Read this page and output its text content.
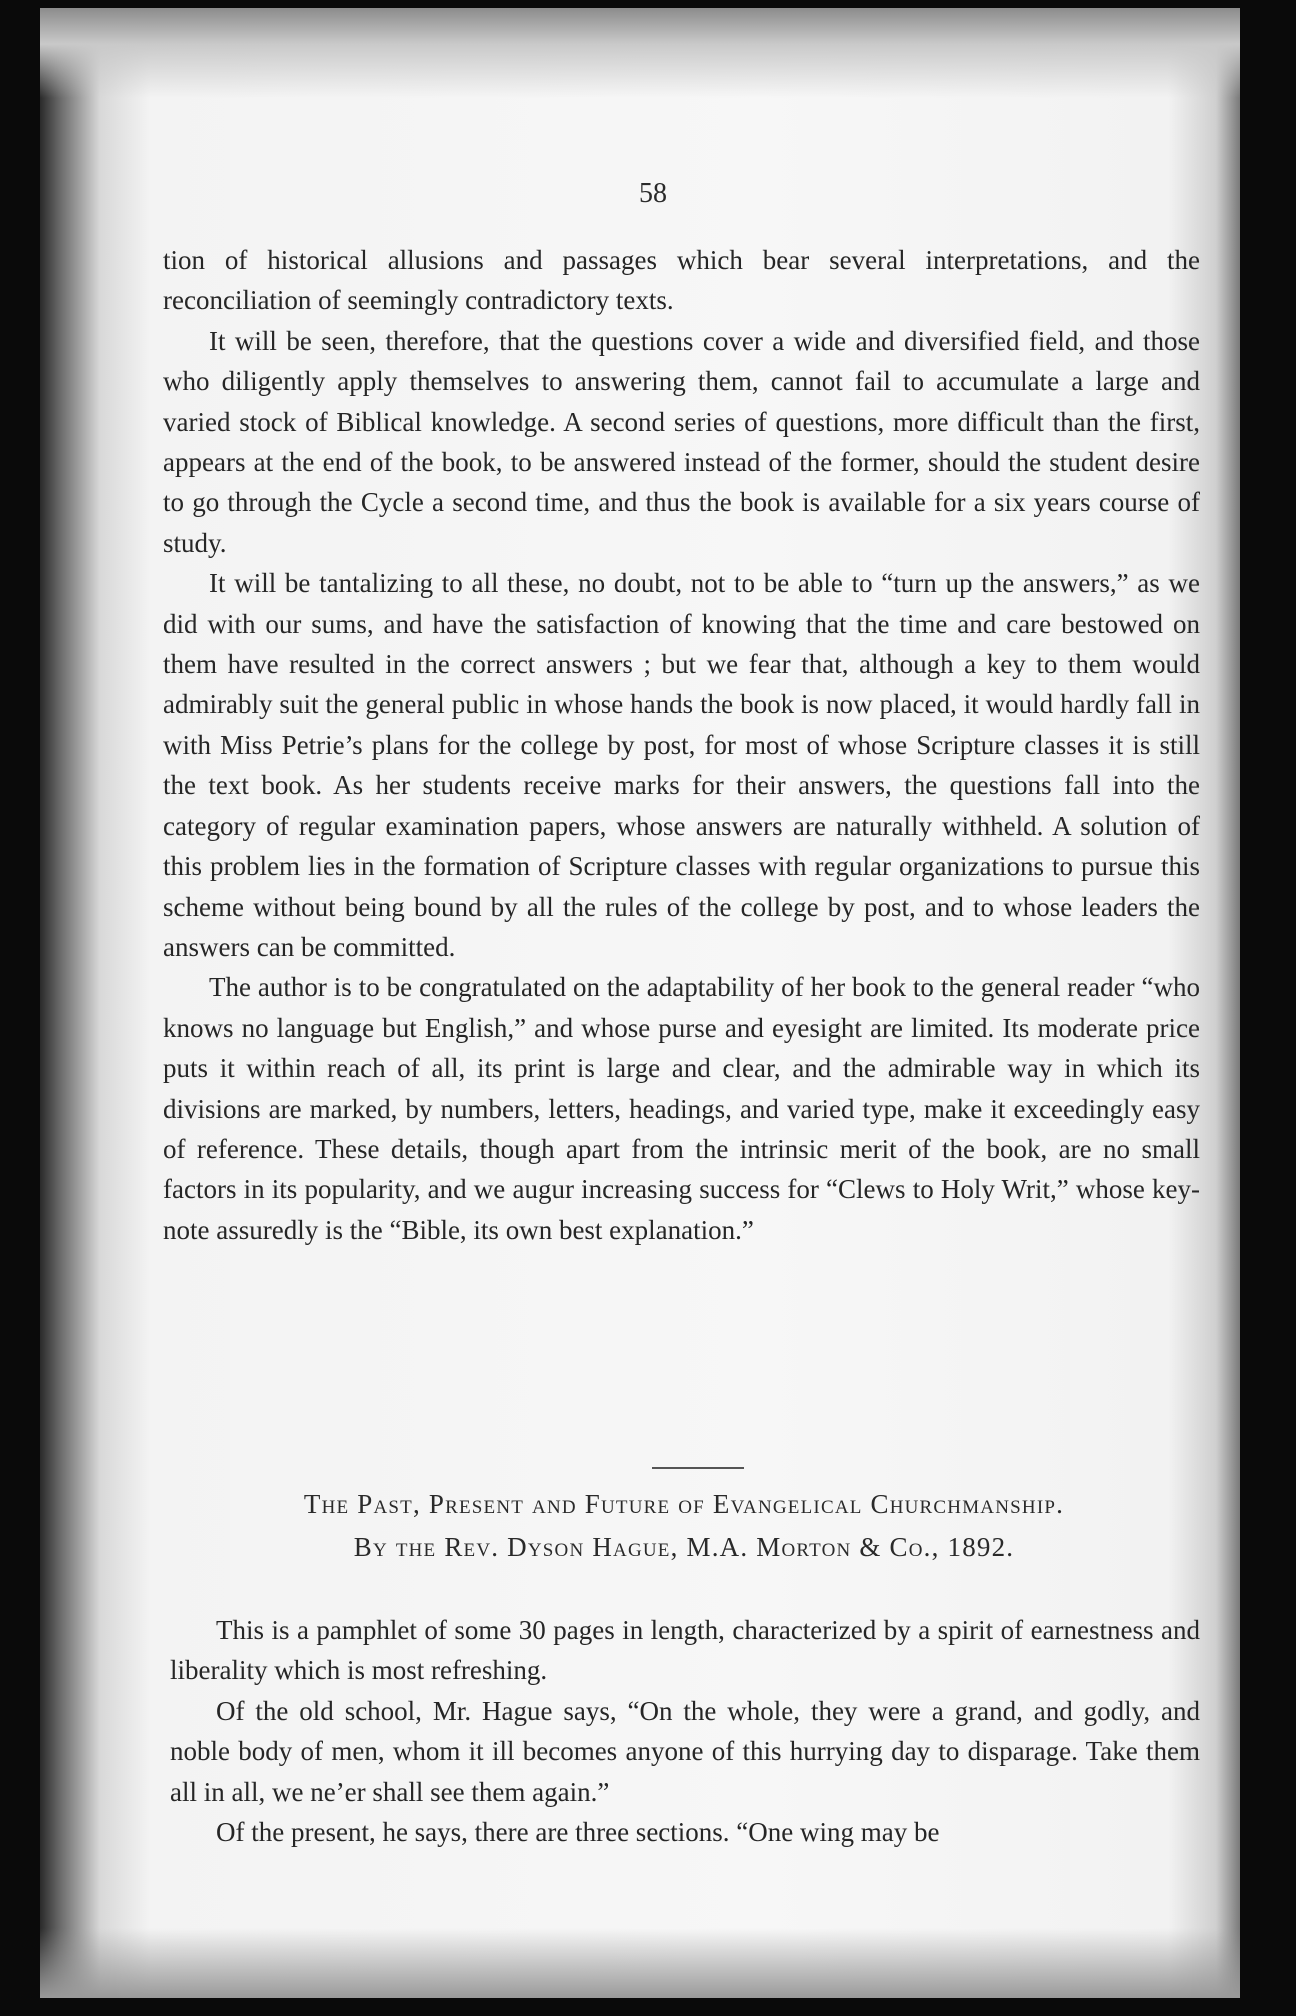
58

tion of historical allusions and passages which bear several interpretations, and the reconciliation of seemingly contradictory texts.

It will be seen, therefore, that the questions cover a wide and diversified field, and those who diligently apply themselves to answering them, cannot fail to accumulate a large and varied stock of Biblical knowledge. A second series of questions, more difficult than the first, appears at the end of the book, to be answered instead of the former, should the student desire to go through the Cycle a second time, and thus the book is available for a six years course of study.

It will be tantalizing to all these, no doubt, not to be able to “turn up the answers,” as we did with our sums, and have the satisfaction of knowing that the time and care bestowed on them have resulted in the correct answers ; but we fear that, although a key to them would admirably suit the general public in whose hands the book is now placed, it would hardly fall in with Miss Petrie’s plans for the college by post, for most of whose Scripture classes it is still the text book. As her students receive marks for their answers, the questions fall into the category of regular examination papers, whose answers are naturally withheld. A solution of this problem lies in the formation of Scripture classes with regular organizations to pursue this scheme without being bound by all the rules of the college by post, and to whose leaders the answers can be committed.

The author is to be congratulated on the adaptability of her book to the general reader “who knows no language but English,” and whose purse and eyesight are limited. Its moderate price puts it within reach of all, its print is large and clear, and the admirable way in which its divisions are marked, by numbers, letters, headings, and varied type, make it exceedingly easy of reference. These details, though apart from the intrinsic merit of the book, are no small factors in its popularity, and we augur increasing success for “Clews to Holy Writ,” whose key-note assuredly is the “Bible, its own best explanation.”

The Past, Present and Future of Evangelical Churchmanship.
By the Rev. Dyson Hague, M.A. Morton & Co., 1892.

This is a pamphlet of some 30 pages in length, characterized by a spirit of earnestness and liberality which is most refreshing.

Of the old school, Mr. Hague says, “On the whole, they were a grand, and godly, and noble body of men, whom it ill becomes anyone of this hurrying day to disparage. Take them all in all, we ne’er shall see them again.”

Of the present, he says, there are three sections. “One wing may be
